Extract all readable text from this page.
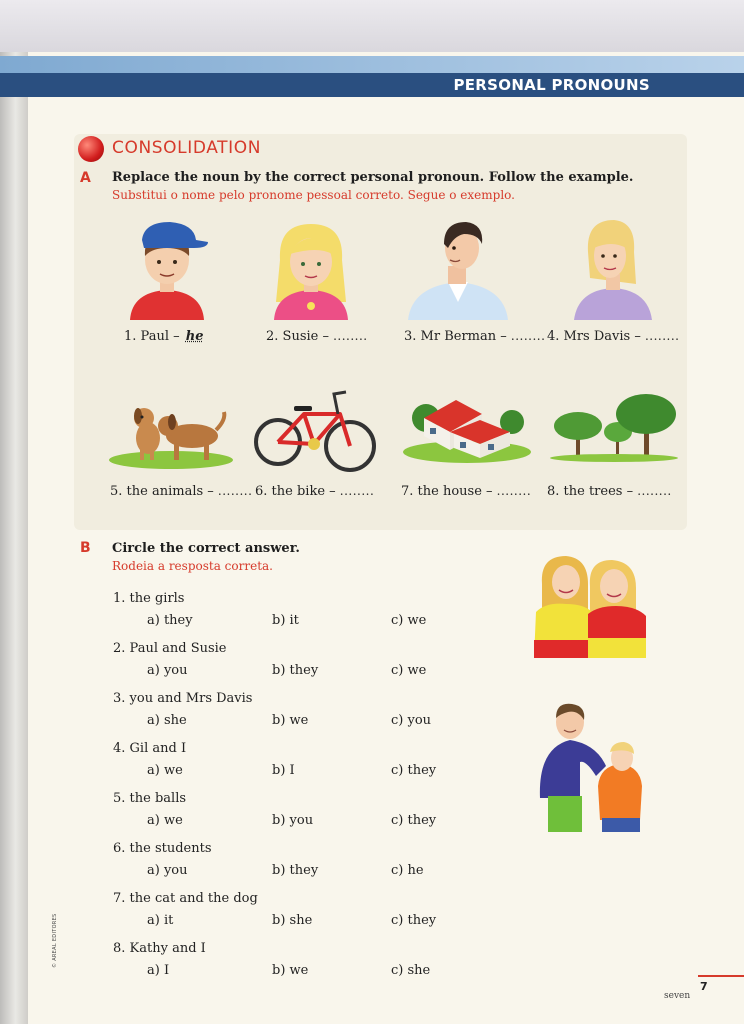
PERSONAL PRONOUNS
CONSOLIDATION
A Replace the noun by the correct personal pronoun. Follow the example.
Substitui o nome pelo pronome pessoal correto. Segue o exemplo.
1. Paul – he	2. Susie – ........	3. Mr Berman – ........ 4. Mrs Davis – ........
5. the animals – ........ 6. the bike – ........ 7. the house – ........ 8. the trees – ........
B Circle the correct answer.
Rodeia a resposta correta.
1. the girls
a) they	b) it	c) we
2. Paul and Susie
a) you	b) they	c) we
3. you and Mrs Davis
a) she	b) we	c) you
4. Gil and I
a) we	b) I	c) they
5. the balls
a) we	b) you	c) they
6. the students
a) you	b) they	c) he
7. the cat and the dog
a) it	b) she	c) they
8. Kathy and I
a) I	b) we	c) she
© AREAL EDITORES
seven
7
